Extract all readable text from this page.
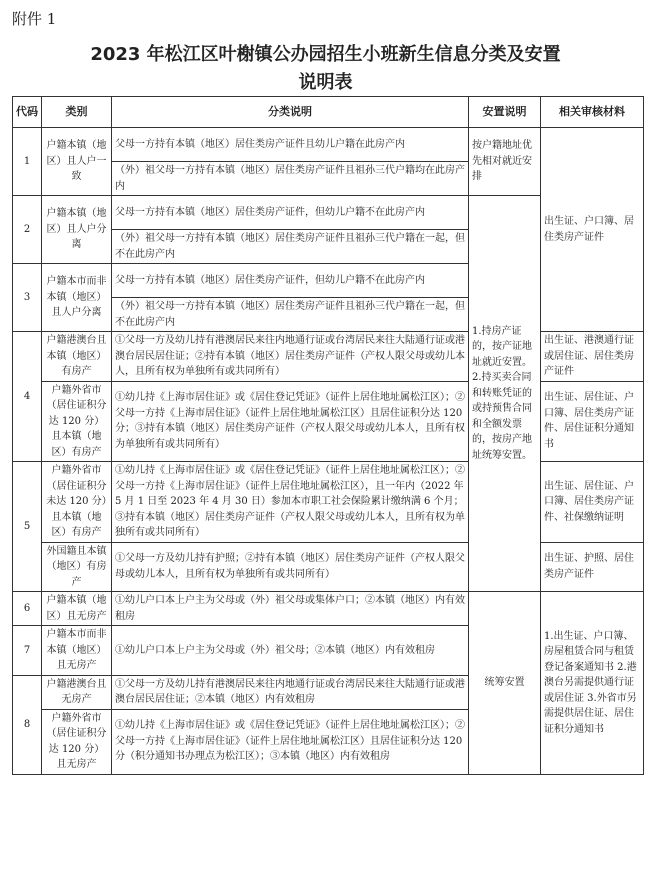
附件 1
2023 年松江区叶榭镇公办园招生小班新生信息分类及安置
说明表
代码	类别	分类说明	安置说明	相关审核材料
1	户籍本镇（地区）且人户一致	父母一方持有本镇（地区）居住类房产证件且幼儿户籍在此房产内	按户籍地址优先相对就近安排	出生证、户口簿、居住类房产证件
		（外）祖父母一方持有本镇（地区）居住类房产证件且祖孙三代户籍均在此房产内		
2	户籍本镇（地区）且人户分离	父母一方持有本镇（地区）居住类房产证件，但幼儿户籍不在此房产内	1.持房产证的，按产证地址就近安置。 2.持买卖合同和转账凭证的或持预售合同和全额发票的，按房产地址统筹安置。	
		（外）祖父母一方持有本镇（地区）居住类房产证件且祖孙三代户籍在一起，但不在此房产内		
3	户籍本市而非本镇（地区）且人户分离	父母一方持有本镇（地区）居住类房产证件，但幼儿户籍不在此房产内		
		（外）祖父母一方持有本镇（地区）居住类房产证件且祖孙三代户籍在一起，但不在此房产内		
4	户籍港澳台且本镇（地区）有房产	①父母一方及幼儿持有港澳居民来往内地通行证或台湾居民来往大陆通行证或港澳台居民居住证；②持有本镇（地区）居住类房产证件（产权人限父母或幼儿本人，且所有权为单独所有或共同所有）		出生证、港澳通行证或居住证、居住类房产证件
	户籍外省市（居住证积分达 120 分）且本镇（地区）有房产	①幼儿持《上海市居住证》或《居住登记凭证》（证件上居住地址属松江区）；②父母一方持《上海市居住证》（证件上居住地址属松江区）且居住证积分达 120 分；③持有本镇（地区）居住类房产证件（产权人限父母或幼儿本人，且所有权为单独所有或共同所有）		出生证、居住证、户口簿、居住类房产证件、居住证积分通知书
5	户籍外省市（居住证积分未达 120 分）且本镇（地区）有房产	①幼儿持《上海市居住证》或《居住登记凭证》（证件上居住地址属松江区）；②父母一方持《上海市居住证》（证件上居住地址属松江区），且一年内（2022 年 5 月 1 日至 2023 年 4 月 30 日）参加本市职工社会保险累计缴纳满 6 个月；③持有本镇（地区）居住类房产证件（产权人限父母或幼儿本人，且所有权为单独所有或共同所有）		出生证、居住证、户口簿、居住类房产证件、社保缴纳证明
	外国籍且本镇（地区）有房产	①父母一方及幼儿持有护照；②持有本镇（地区）居住类房产证件（产权人限父母或幼儿本人，且所有权为单独所有或共同所有）		出生证、护照、居住类房产证件
6	户籍本镇（地区）且无房产	①幼儿户口本上户主为父母或（外）祖父母或集体户口；②本镇（地区）内有效租房	统筹安置	1.出生证、户口簿、房屋租赁合同与租赁登记备案通知书 2.港澳台另需提供通行证或居住证 3.外省市另需提供居住证、居住证积分通知书
7	户籍本市而非本镇（地区）且无房产	①幼儿户口本上户主为父母或（外）祖父母；②本镇（地区）内有效租房		
8	户籍港澳台且无房产	①父母一方及幼儿持有港澳居民来往内地通行证或台湾居民来往大陆通行证或港澳台居民居住证；②本镇（地区）内有效租房		
	户籍外省市（居住证积分达 120 分）且无房产	①幼儿持《上海市居住证》或《居住登记凭证》（证件上居住地址属松江区）；②父母一方持《上海市居住证》（证件上居住地址属松江区）且居住证积分达 120 分（积分通知书办理点为松江区）；③本镇（地区）内有效租房		
